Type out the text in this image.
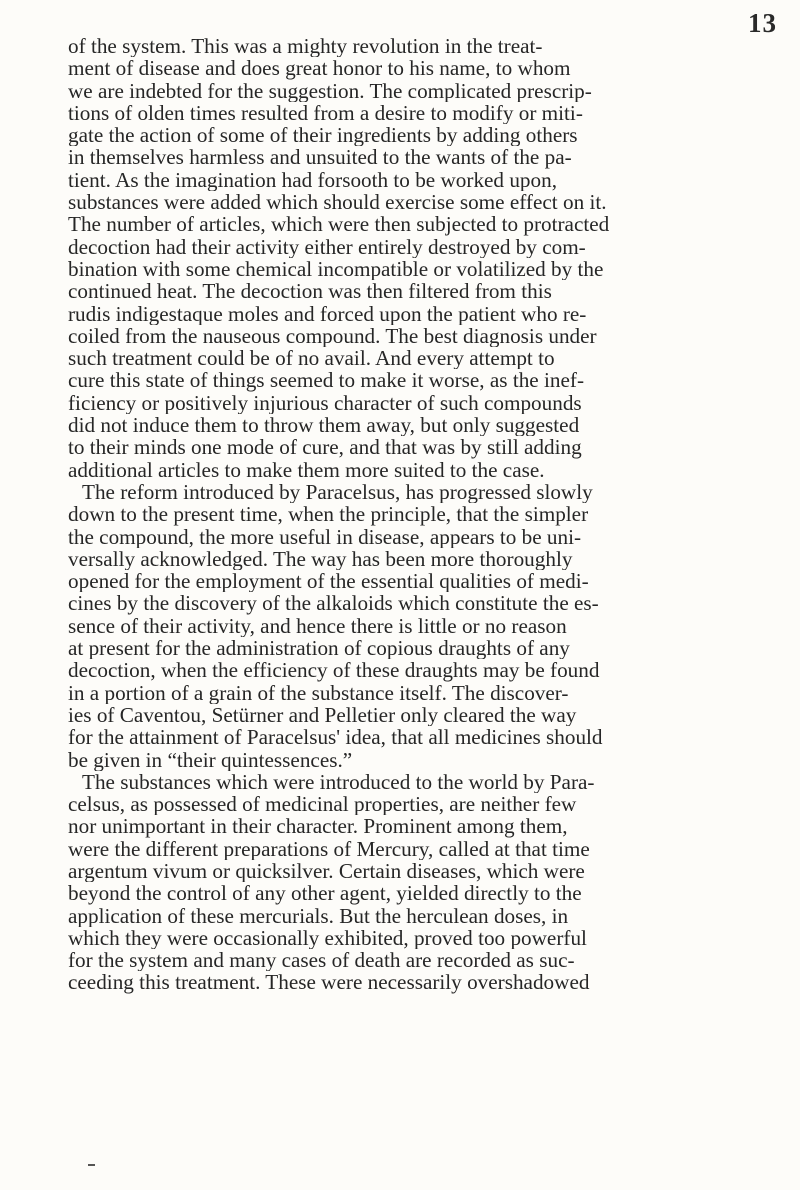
13
of the system. This was a mighty revolution in the treat-
ment of disease and does great honor to his name, to whom
we are indebted for the suggestion. The complicated prescrip-
tions of olden times resulted from a desire to modify or miti-
gate the action of some of their ingredients by adding others
in themselves harmless and unsuited to the wants of the pa-
tient. As the imagination had forsooth to be worked upon,
substances were added which should exercise some effect on it.
The number of articles, which were then subjected to protracted
decoction had their activity either entirely destroyed by com-
bination with some chemical incompatible or volatilized by the
continued heat. The decoction was then filtered from this
rudis indigestaque moles and forced upon the patient who re-
coiled from the nauseous compound. The best diagnosis under
such treatment could be of no avail. And every attempt to
cure this state of things seemed to make it worse, as the inef-
ficiency or positively injurious character of such compounds
did not induce them to throw them away, but only suggested
to their minds one mode of cure, and that was by still adding
additional articles to make them more suited to the case.
The reform introduced by Paracelsus, has progressed slowly
down to the present time, when the principle, that the simpler
the compound, the more useful in disease, appears to be uni-
versally acknowledged. The way has been more thoroughly
opened for the employment of the essential qualities of medi-
cines by the discovery of the alkaloids which constitute the es-
sence of their activity, and hence there is little or no reason
at present for the administration of copious draughts of any
decoction, when the efficiency of these draughts may be found
in a portion of a grain of the substance itself. The discover-
ies of Caventou, Setürner and Pelletier only cleared the way
for the attainment of Paracelsus' idea, that all medicines should
be given in “their quintessences.”
The substances which were introduced to the world by Para-
celsus, as possessed of medicinal properties, are neither few
nor unimportant in their character. Prominent among them,
were the different preparations of Mercury, called at that time
argentum vivum or quicksilver. Certain diseases, which were
beyond the control of any other agent, yielded directly to the
application of these mercurials. But the herculean doses, in
which they were occasionally exhibited, proved too powerful
for the system and many cases of death are recorded as suc-
ceeding this treatment. These were necessarily overshadowed
